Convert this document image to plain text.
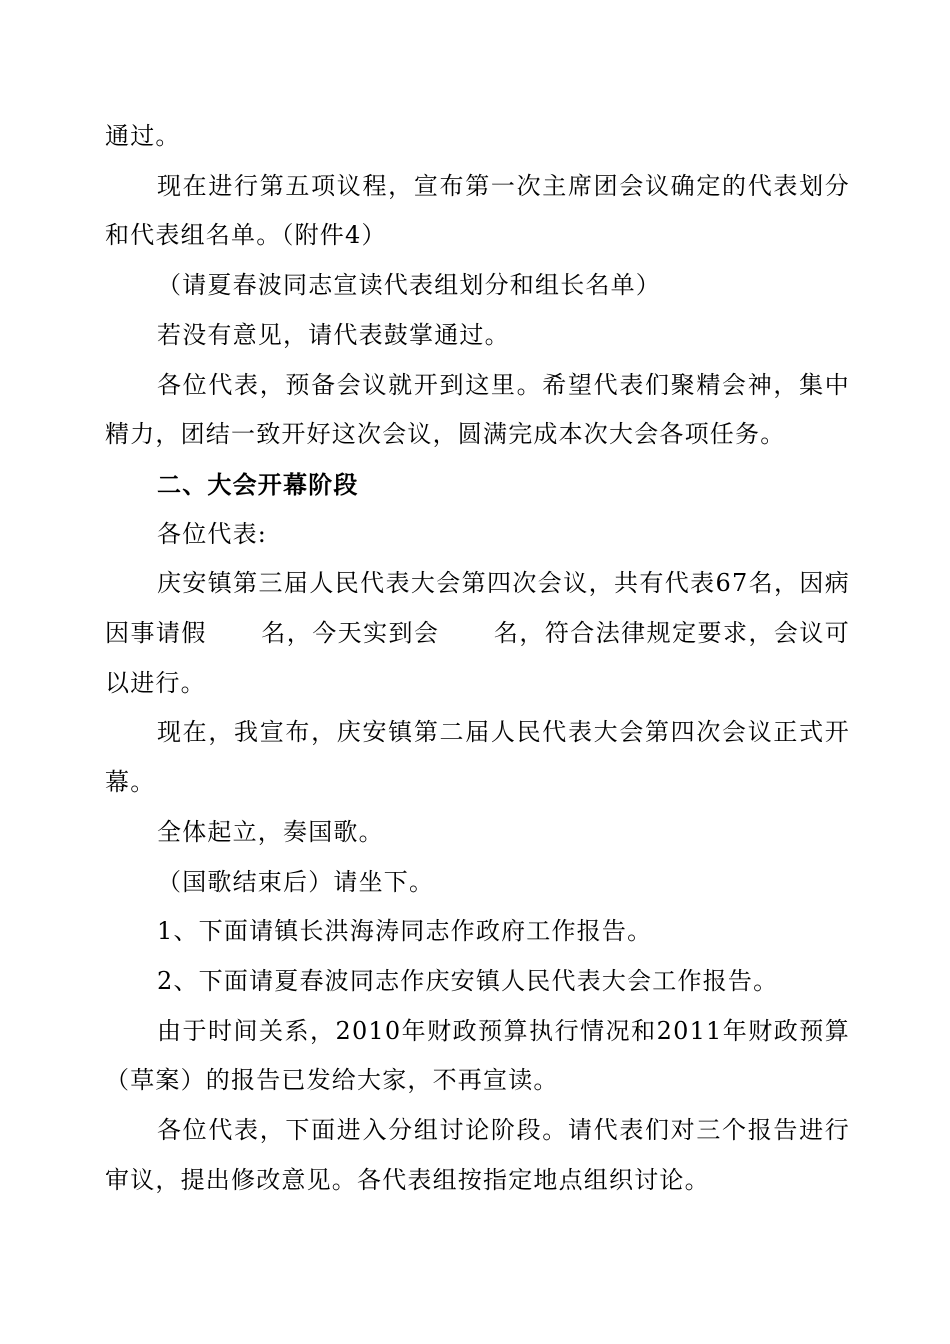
通过。

现在进行第五项议程，宣布第一次主席团会议确定的代表划分和代表组名单。（附件4）

（请夏春波同志宣读代表组划分和组长名单）

若没有意见，请代表鼓掌通过。

各位代表，预备会议就开到这里。希望代表们聚精会神，集中精力，团结一致开好这次会议，圆满完成本次大会各项任务。

二、大会开幕阶段

各位代表:

庆安镇第三届人民代表大会第四次会议，共有代表67名，因病因事请假      名，今天实到会      名，符合法律规定要求，会议可以进行。

现在，我宣布，庆安镇第二届人民代表大会第四次会议正式开幕。

全体起立，奏国歌。

（国歌结束后）请坐下。

1、下面请镇长洪海涛同志作政府工作报告。

2、下面请夏春波同志作庆安镇人民代表大会工作报告。

由于时间关系，2010年财政预算执行情况和2011年财政预算（草案）的报告已发给大家，不再宣读。

各位代表，下面进入分组讨论阶段。请代表们对三个报告进行审议，提出修改意见。各代表组按指定地点组织讨论。
